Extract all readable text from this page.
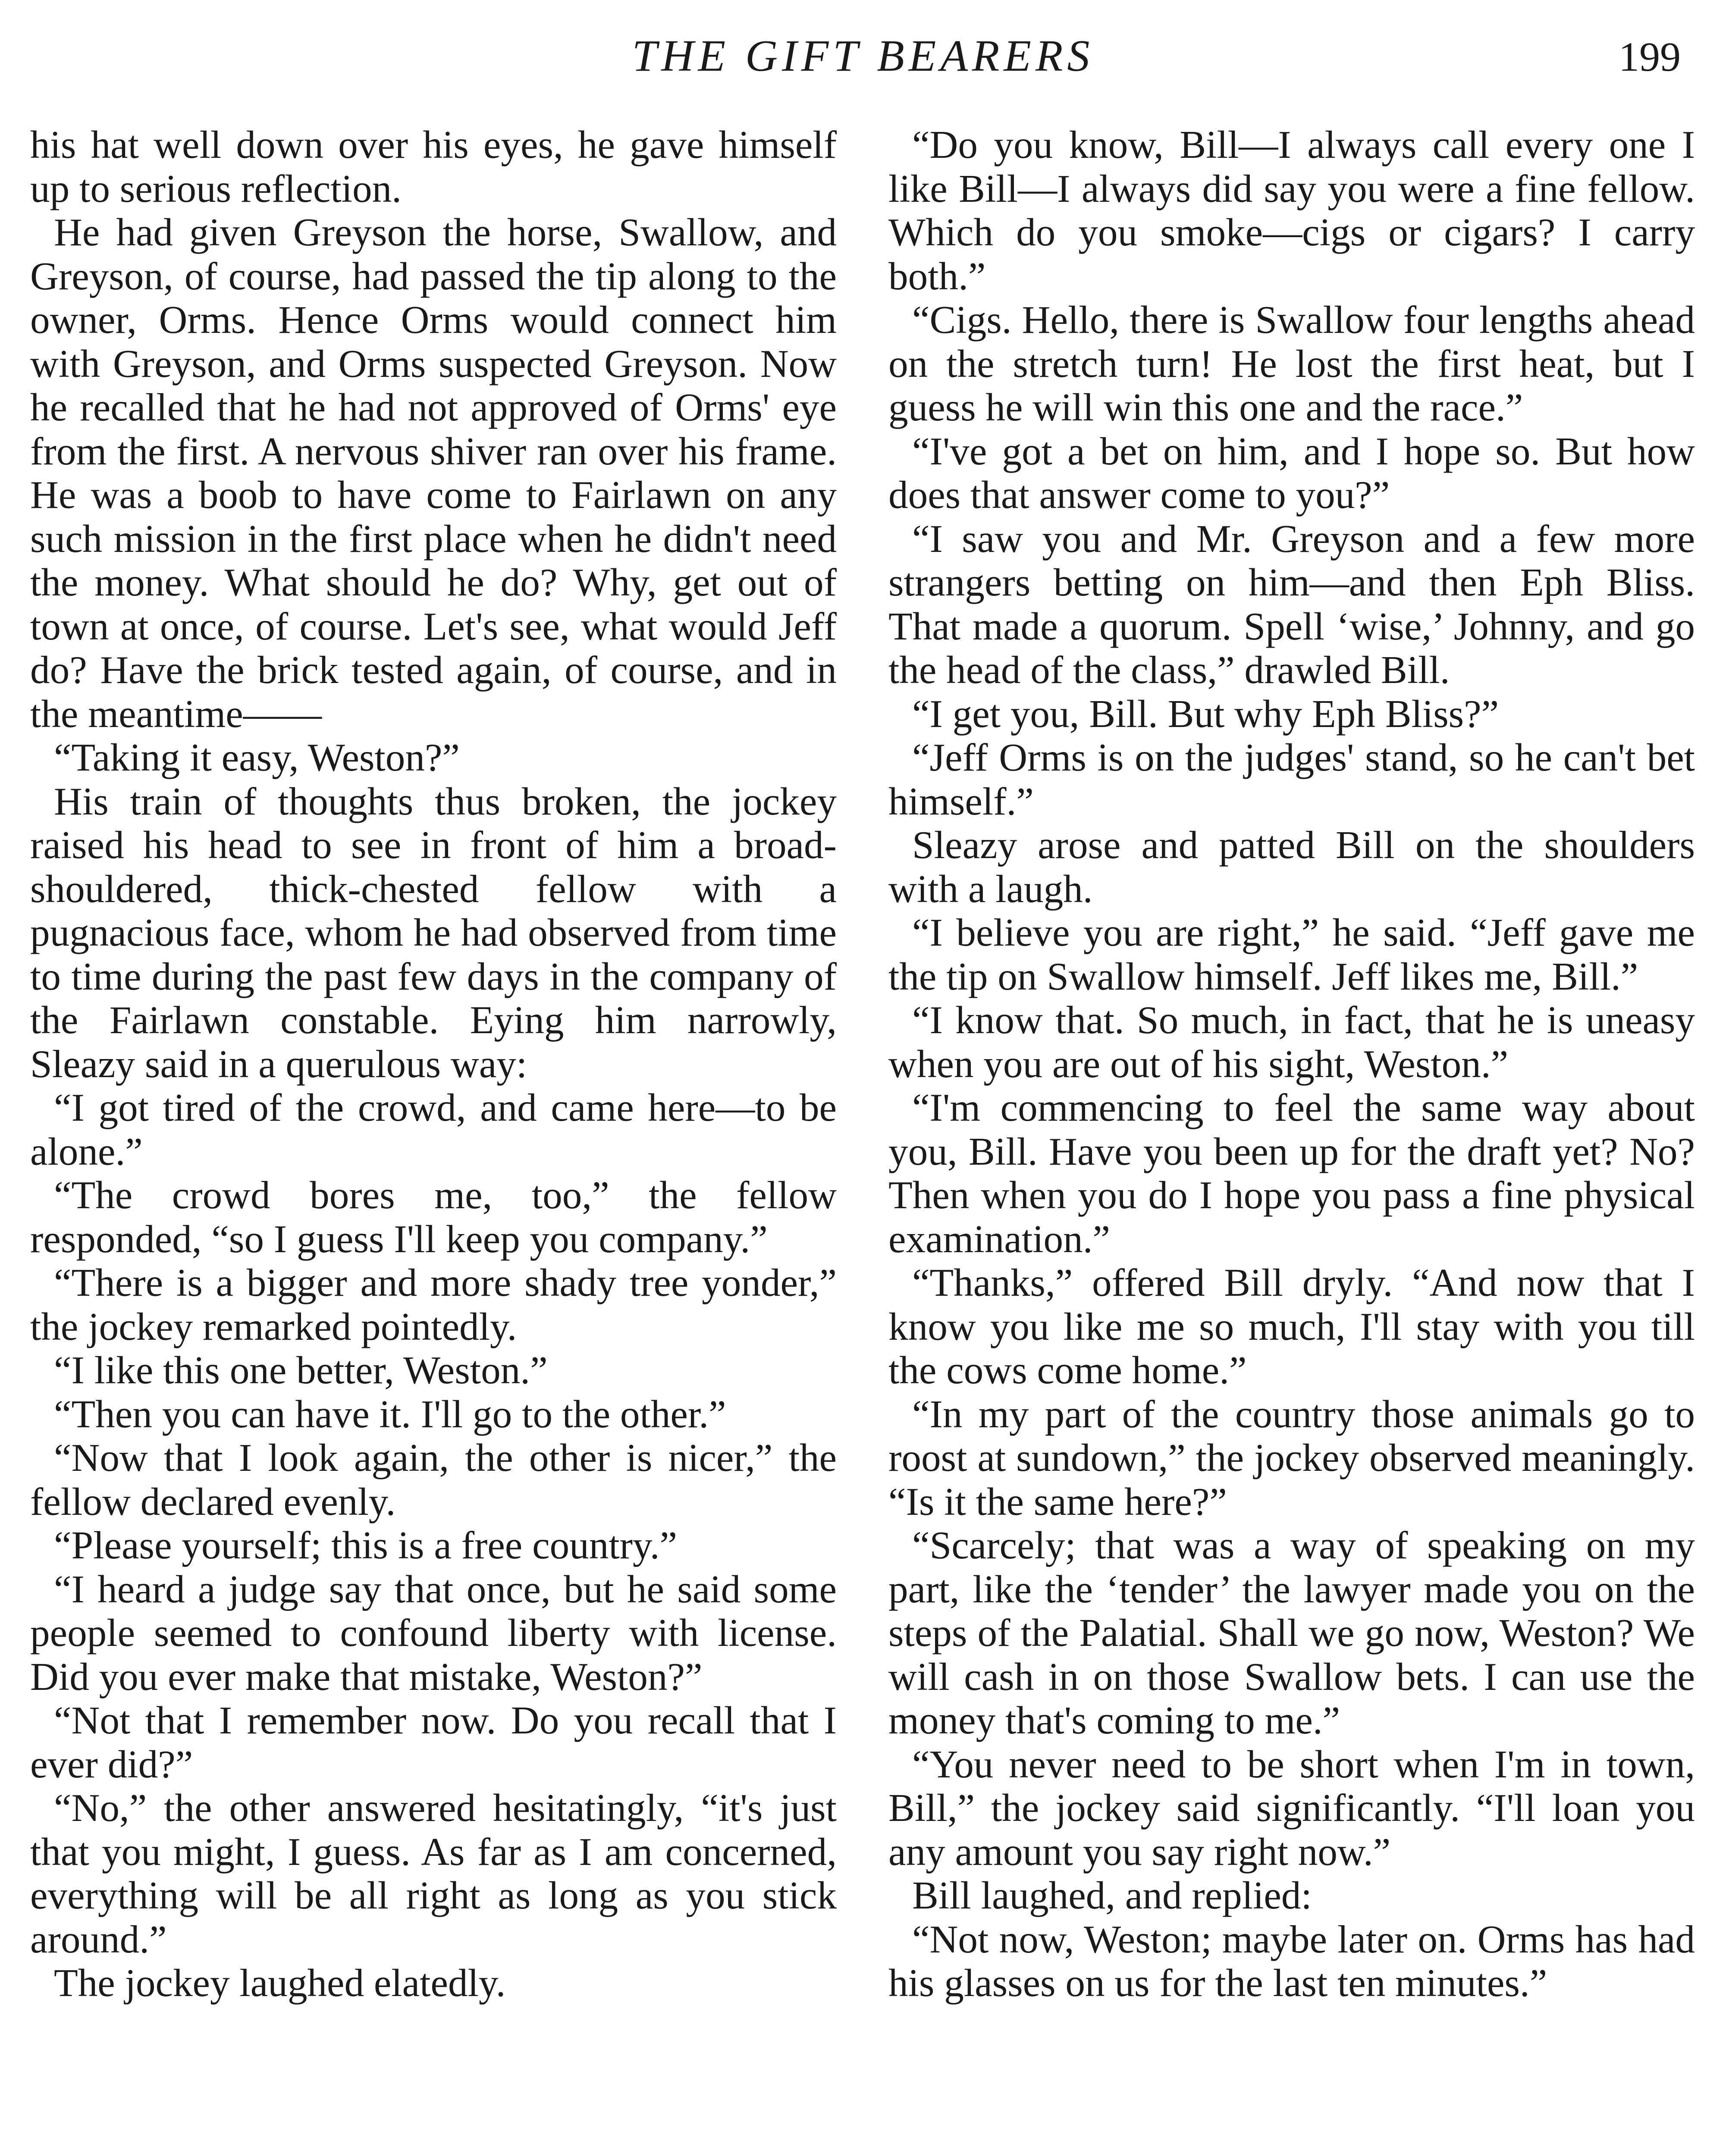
THE GIFT BEARERS	199

his hat well down over his eyes, he gave himself up to serious reflection.

He had given Greyson the horse, Swallow, and Greyson, of course, had passed the tip along to the owner, Orms. Hence Orms would connect him with Greyson, and Orms suspected Greyson. Now he recalled that he had not approved of Orms' eye from the first. A nervous shiver ran over his frame. He was a boob to have come to Fairlawn on any such mission in the first place when he didn't need the money. What should he do? Why, get out of town at once, of course. Let's see, what would Jeff do? Have the brick tested again, of course, and in the meantime——

“Taking it easy, Weston?”

His train of thoughts thus broken, the jockey raised his head to see in front of him a broad-shouldered, thick-chested fellow with a pugnacious face, whom he had observed from time to time during the past few days in the company of the Fairlawn constable. Eying him narrowly, Sleazy said in a querulous way:

“I got tired of the crowd, and came here—to be alone.”

“The crowd bores me, too,” the fellow responded, “so I guess I'll keep you company.”

“There is a bigger and more shady tree yonder,” the jockey remarked pointedly.

“I like this one better, Weston.”

“Then you can have it. I'll go to the other.”

“Now that I look again, the other is nicer,” the fellow declared evenly.

“Please yourself; this is a free country.”

“I heard a judge say that once, but he said some people seemed to confound liberty with license. Did you ever make that mistake, Weston?”

“Not that I remember now. Do you recall that I ever did?”

“No,” the other answered hesitatingly, “it's just that you might, I guess. As far as I am concerned, everything will be all right as long as you stick around.”

The jockey laughed elatedly.

“Do you know, Bill—I always call every one I like Bill—I always did say you were a fine fellow. Which do you smoke—cigs or cigars? I carry both.”

“Cigs. Hello, there is Swallow four lengths ahead on the stretch turn! He lost the first heat, but I guess he will win this one and the race.”

“I've got a bet on him, and I hope so. But how does that answer come to you?”

“I saw you and Mr. Greyson and a few more strangers betting on him—and then Eph Bliss. That made a quorum. Spell ‘wise,’ Johnny, and go the head of the class,” drawled Bill.

“I get you, Bill. But why Eph Bliss?”

“Jeff Orms is on the judges' stand, so he can't bet himself.”

Sleazy arose and patted Bill on the shoulders with a laugh.

“I believe you are right,” he said. “Jeff gave me the tip on Swallow himself. Jeff likes me, Bill.”

“I know that. So much, in fact, that he is uneasy when you are out of his sight, Weston.”

“I'm commencing to feel the same way about you, Bill. Have you been up for the draft yet? No? Then when you do I hope you pass a fine physical examination.”

“Thanks,” offered Bill dryly. “And now that I know you like me so much, I'll stay with you till the cows come home.”

“In my part of the country those animals go to roost at sundown,” the jockey observed meaningly. “Is it the same here?”

“Scarcely; that was a way of speaking on my part, like the ‘tender’ the lawyer made you on the steps of the Palatial. Shall we go now, Weston? We will cash in on those Swallow bets. I can use the money that's coming to me.”

“You never need to be short when I'm in town, Bill,” the jockey said significantly. “I'll loan you any amount you say right now.”

Bill laughed, and replied:

“Not now, Weston; maybe later on. Orms has had his glasses on us for the last ten minutes.”
